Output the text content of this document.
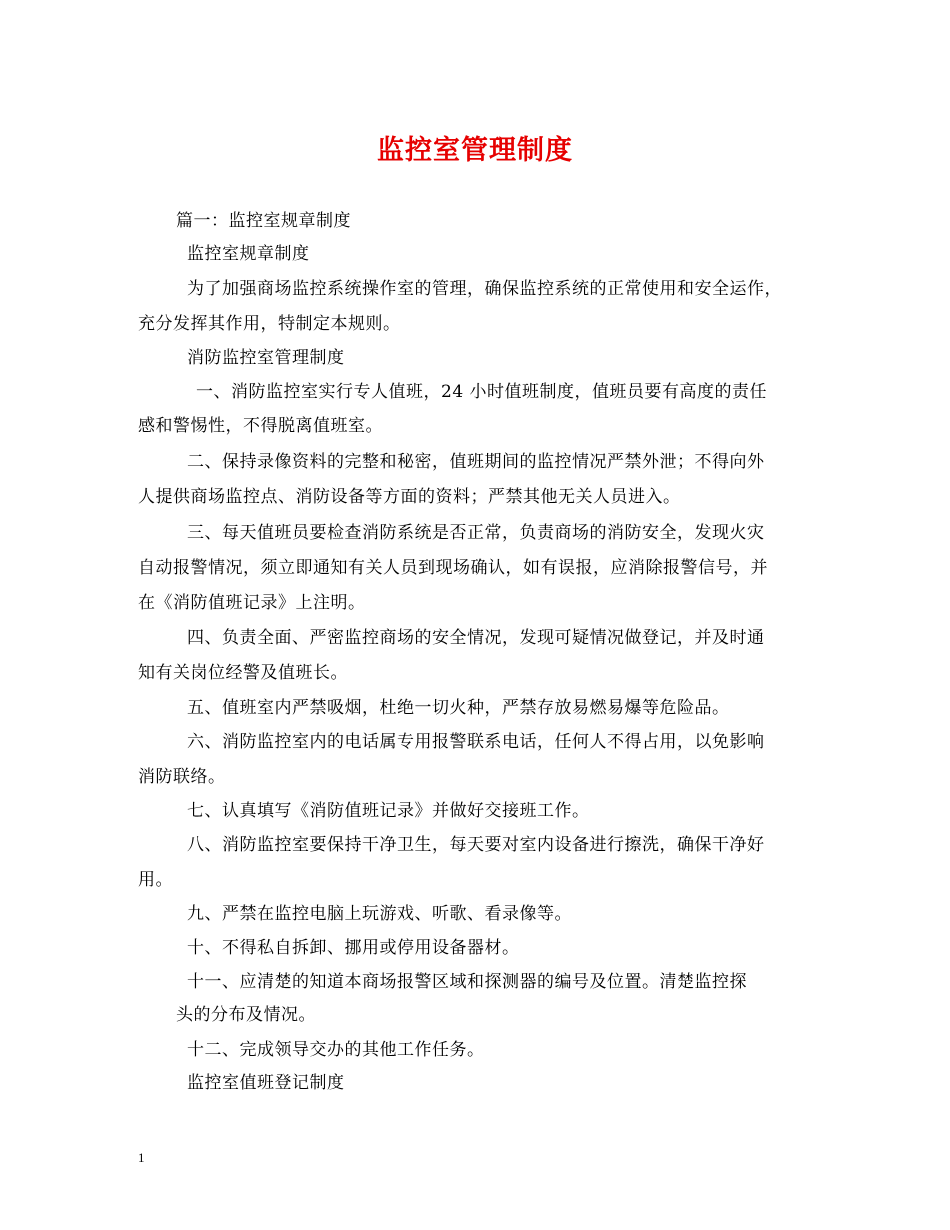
监控室管理制度

篇一：监控室规章制度

监控室规章制度

为了加强商场监控系统操作室的管理，确保监控系统的正常使用和安全运作，

充分发挥其作用，特制定本规则。

消防监控室管理制度

一、消防监控室实行专人值班，24 小时值班制度，值班员要有高度的责任

感和警惕性，不得脱离值班室。

二、保持录像资料的完整和秘密，值班期间的监控情况严禁外泄；不得向外

人提供商场监控点、消防设备等方面的资料；严禁其他无关人员进入。

三、每天值班员要检查消防系统是否正常，负责商场的消防安全，发现火灾

自动报警情况，须立即通知有关人员到现场确认，如有误报，应消除报警信号，并

在《消防值班记录》上注明。

四、负责全面、严密监控商场的安全情况，发现可疑情况做登记，并及时通

知有关岗位经警及值班长。

五、值班室内严禁吸烟，杜绝一切火种，严禁存放易燃易爆等危险品。

六、消防监控室内的电话属专用报警联系电话，任何人不得占用，以免影响

消防联络。

七、认真填写《消防值班记录》并做好交接班工作。

八、消防监控室要保持干净卫生，每天要对室内设备进行擦洗，确保干净好

用。

九、严禁在监控电脑上玩游戏、听歌、看录像等。

十、不得私自拆卸、挪用或停用设备器材。

十一、应清楚的知道本商场报警区域和探测器的编号及位置。清楚监控探

头的分布及情况。

十二、完成领导交办的其他工作任务。

监控室值班登记制度

1
